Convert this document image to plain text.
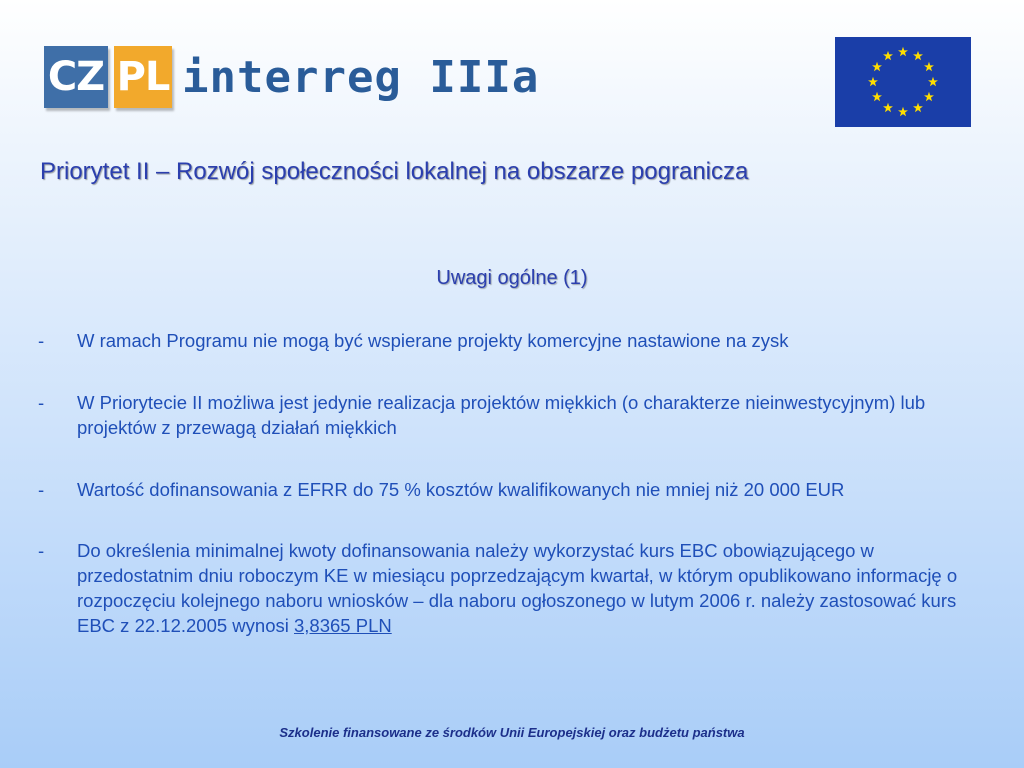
CZ PL interreg IIIa
Priorytet II – Rozwój społeczności lokalnej na obszarze pogranicza
Uwagi ogólne (1)
-	W ramach Programu nie mogą być wspierane projekty komercyjne nastawione na zysk
-	W Priorytecie II możliwa jest jedynie realizacja projektów miękkich (o charakterze nieinwestycyjnym) lub projektów z przewagą działań miękkich
-	Wartość dofinansowania z EFRR do 75 % kosztów kwalifikowanych nie mniej niż 20 000 EUR
-	Do określenia minimalnej kwoty dofinansowania należy wykorzystać kurs EBC obowiązującego w przedostatnim dniu roboczym KE w miesiącu poprzedzającym kwartał, w którym opublikowano informację o rozpoczęciu kolejnego naboru wniosków – dla naboru ogłoszonego w lutym 2006 r. należy zastosować kurs EBC z 22.12.2005 wynosi 3,8365 PLN
Szkolenie finansowane ze środków Unii Europejskiej oraz budżetu państwa
